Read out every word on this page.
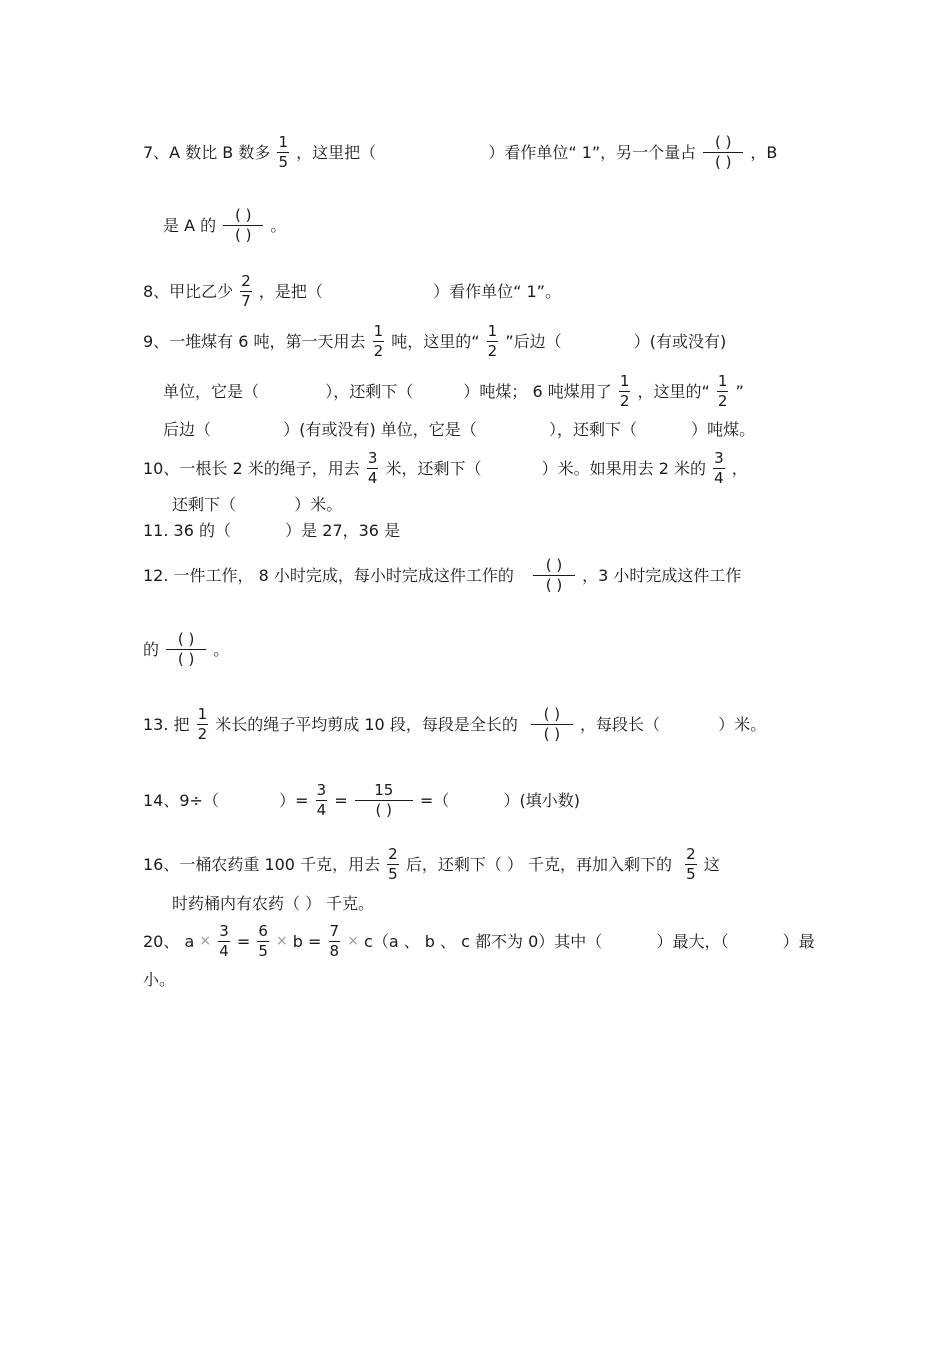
7、A 数比 B 数多 $\frac{1}{5}$ ，这里把（	）看作单位“ 1”，另一个量占 $\frac{( )}{( )}$ ，B
是 A 的 $\frac{( )}{( )}$ 。
8、甲比乙少 $\frac{2}{7}$ ，是把（	）看作单位“ 1”。
9、一堆煤有 6 吨，第一天用去 $\frac{1}{2}$ 吨，这里的“ $\frac{1}{2}$ ”后边（	）(有或没有)
单位，它是（	），还剩下（	）吨煤； 6 吨煤用了 $\frac{1}{2}$ ，这里的“ $\frac{1}{2}$ ”
后边（	）(有或没有) 单位，它是（	），还剩下（	）吨煤。
10、一根长 2 米的绳子，用去 $\frac{3}{4}$ 米，还剩下（	）米。如果用去 2 米的 $\frac{3}{4}$ ，
还剩下（	）米。
11. 36 的（	）是 27，36 是
12. 一件工作， 8 小时完成，每小时完成这件工作的 $\frac{( )}{( )}$ ，3 小时完成这件工作
的 $\frac{( )}{( )}$ 。
13. 把 $\frac{1}{2}$ 米长的绳子平均剪成 10 段，每段是全长的 $\frac{( )}{( )}$ ，每段长（	）米。
14、9÷（	）= $\frac{3}{4} = \frac{15}{( )}$ =（	）(填小数)
16、一桶农药重 100 千克，用去 $\frac{2}{5}$ 后，还剩下（ ） 千克，再加入剩下的 $\frac{2}{5}$ 这
时药桶内有农药（ ） 千克。
20、 $a \times \frac{3}{4} = \frac{6}{5} \times b = \frac{7}{8} \times c(a$ 、 b 、 c 都不为 0）其中（	）最大，（	）最
小。
